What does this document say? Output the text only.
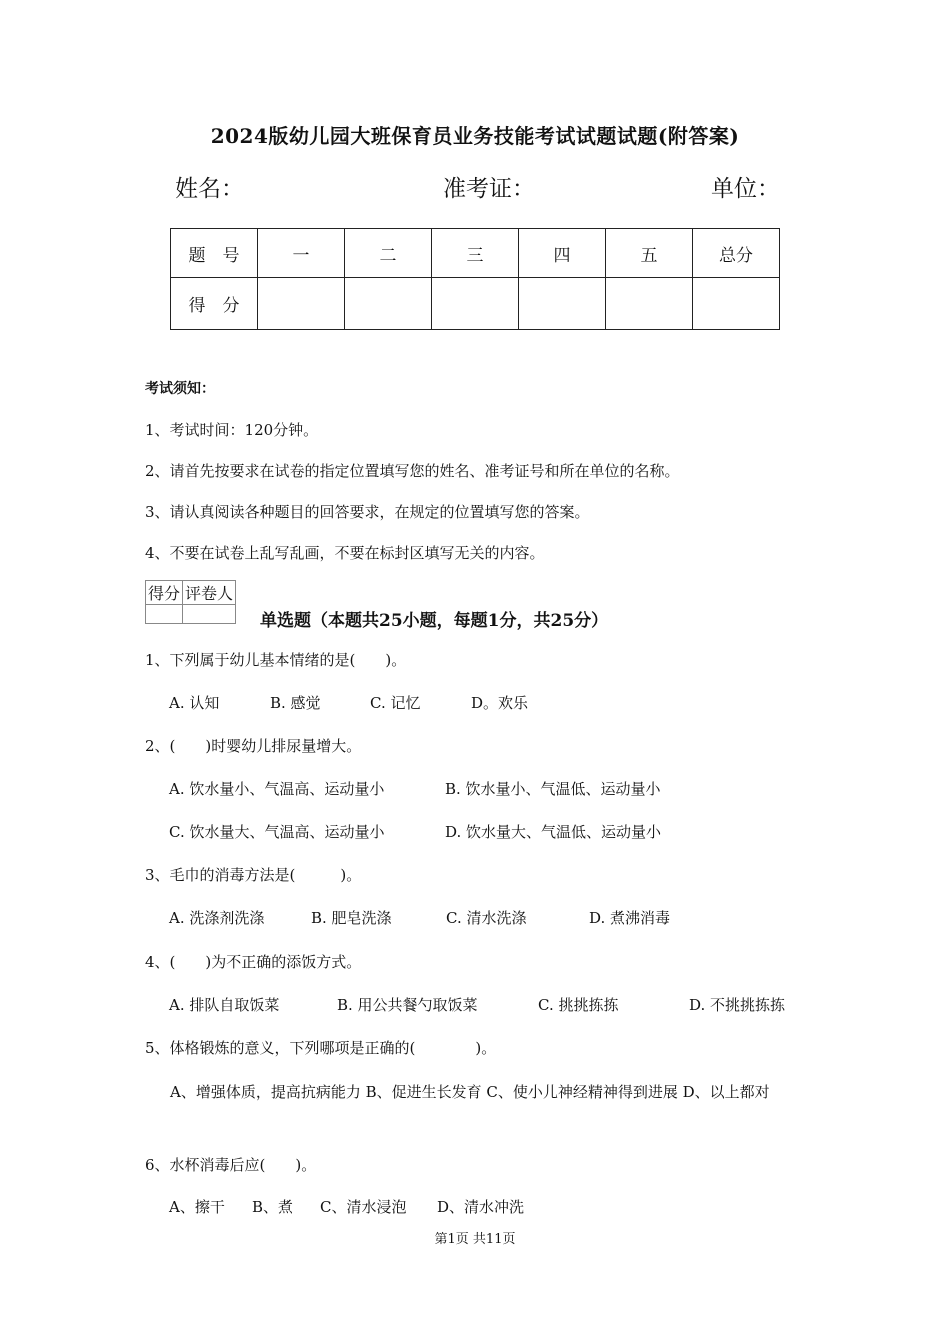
2024版幼儿园大班保育员业务技能考试试题试题(附答案)
姓名：	准考证：	单位：
题　号	一	二	三	四	五	总分
得　分						
考试须知：
1、考试时间：120分钟。
2、请首先按要求在试卷的指定位置填写您的姓名、准考证号和所在单位的名称。
3、请认真阅读各种题目的回答要求，在规定的位置填写您的答案。
4、不要在试卷上乱写乱画，不要在标封区填写无关的内容。
得分	评卷人

单选题（本题共25小题，每题1分，共25分）
1、下列属于幼儿基本情绪的是(　　)。
A. 认知	B. 感觉	C. 记忆	D。欢乐
2、(　　)时婴幼儿排尿量增大。
A. 饮水量小、气温高、运动量小	B. 饮水量小、气温低、运动量小
C. 饮水量大、气温高、运动量小	D. 饮水量大、气温低、运动量小
3、毛巾的消毒方法是(　　　)。
A. 洗涤剂洗涤	B. 肥皂洗涤	C. 清水洗涤	D. 煮沸消毒
4、(　　)为不正确的添饭方式。
A. 排队自取饭菜	B. 用公共餐勺取饭菜	C. 挑挑拣拣	D. 不挑挑拣拣
5、体格锻炼的意义，下列哪项是正确的(　　　　)。
A、增强体质，提高抗病能力 B、促进生长发育 C、使小儿神经精神得到进展 D、以上都对
6、水杯消毒后应(　　)。
A、擦干 B、煮 C、清水浸泡 D、清水冲洗
第1页 共11页
